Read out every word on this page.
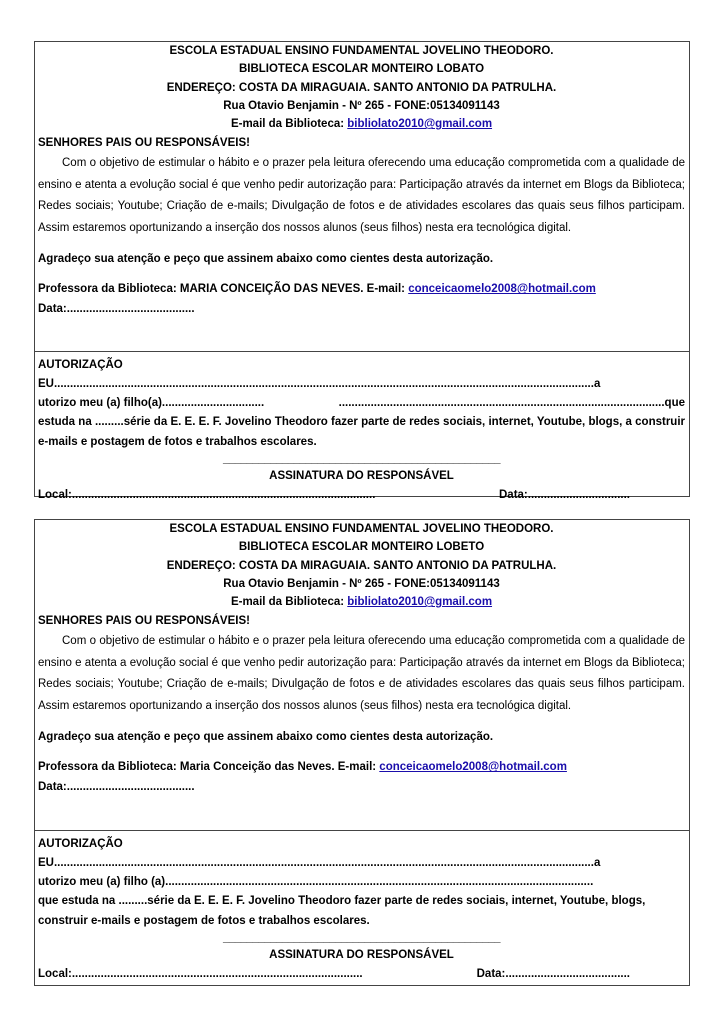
ESCOLA ESTADUAL ENSINO FUNDAMENTAL JOVELINO THEODORO.
BIBLIOTECA ESCOLAR MONTEIRO LOBATO
ENDEREÇO: COSTA DA MIRAGUAIA. SANTO ANTONIO DA PATRULHA.
Rua Otavio Benjamin - Nº 265 - FONE:05134091143
E-mail da Biblioteca: bibliolato2010@gmail.com
SENHORES PAIS OU RESPONSÁVEIS!
Com o objetivo de estimular o hábito e o prazer pela leitura oferecendo uma educação comprometida com a qualidade de ensino e atenta a evolução social é que venho pedir autorização para: Participação através da internet em Blogs da Biblioteca; Redes sociais; Youtube; Criação de e-mails; Divulgação de fotos e de atividades escolares das quais seus filhos participam. Assim estaremos oportunizando a inserção dos nossos alunos (seus filhos) nesta era tecnológica digital.
Agradeço sua atenção e peço que assinem abaixo como cientes desta autorização.
Professora da Biblioteca: MARIA CONCEIÇÃO DAS NEVES. E-mail: conceicaomelo2008@hotmail.com
Data:........................................
AUTORIZAÇÃO
EU.........................................................................................................................................................................a
utorizo meu (a) filho(a)................................	......................................................................................................que
estuda na .........série da E. E. E. F. Jovelino Theodoro fazer parte de redes sociais, internet, Youtube, blogs, a construir e-mails e postagem de fotos e trabalhos escolares.
_______________________________________________
ASSINATURA DO RESPONSÁVEL
Local:...............................................................................................	Data:................................
ESCOLA ESTADUAL ENSINO FUNDAMENTAL JOVELINO THEODORO.
BIBLIOTECA ESCOLAR MONTEIRO LOBETO
ENDEREÇO: COSTA DA MIRAGUAIA. SANTO ANTONIO DA PATRULHA.
Rua Otavio Benjamin - Nº 265 - FONE:05134091143
E-mail da Biblioteca: bibliolato2010@gmail.com
SENHORES PAIS OU RESPONSÁVEIS!
Com o objetivo de estimular o hábito e o prazer pela leitura oferecendo uma educação comprometida com a qualidade de ensino e atenta a evolução social é que venho pedir autorização para: Participação através da internet em Blogs da Biblioteca; Redes sociais; Youtube; Criação de e-mails; Divulgação de fotos e de atividades escolares das quais seus filhos participam. Assim estaremos oportunizando a inserção dos nossos alunos (seus filhos) nesta era tecnológica digital.
Agradeço sua atenção e peço que assinem abaixo como cientes desta autorização.
Professora da Biblioteca: Maria Conceição das Neves. E-mail: conceicaomelo2008@hotmail.com
Data:........................................
AUTORIZAÇÃO
EU.........................................................................................................................................................................a
utorizo meu (a) filho (a)......................................................................................................................................
que estuda na .........série da E. E. E. F. Jovelino Theodoro fazer parte de redes sociais, internet, Youtube, blogs, construir e-mails e postagem de fotos e trabalhos escolares.
_______________________________________________
ASSINATURA DO RESPONSÁVEL
Local:...........................................................................................	Data:.......................................
